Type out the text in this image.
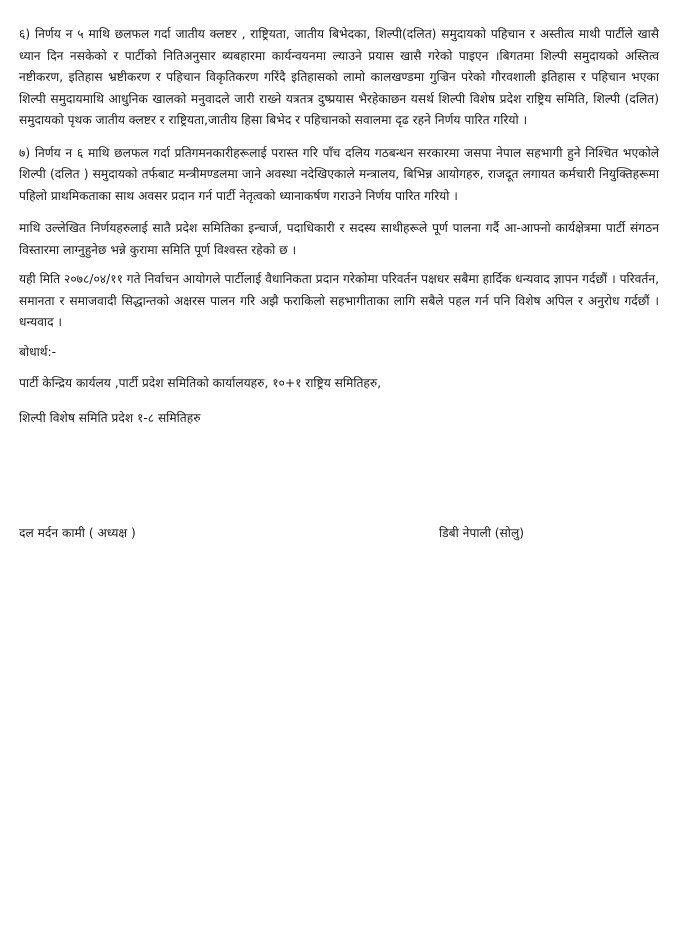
६) निर्णय न ५ माथि छलफल गर्दा जातीय क्लष्टर , राष्ट्रियता, जातीय बिभेदका, शिल्पी(दलित) समुदायको पहिचान र अस्तीत्व माथी पार्टीले खासै ध्यान दिन नसकेको र पार्टीको नितिअनुसार ब्यबहारमा कार्यन्वयनमा ल्याउने प्रयास खासै गरेको पाइएन ।बिगतमा शिल्पी समुदायको अस्तित्व नष्टीकरण, इतिहास भ्रष्टीकरण र पहिचान विकृतिकरण गरिंदै इतिहासको लामो कालखण्डमा गुज्रिन परेको गौरवशाली इतिहास र पहिचान भएका शिल्पी समुदायमाथि आधुनिक खालको मनुवादले जारी राख्ने यत्रतत्र दुष्प्रयास भैरहेकाछन यसर्थ शिल्पी विशेष प्रदेश राष्ट्रिय समिति, शिल्पी (दलित) समुदायको पृथक जातीय क्लष्टर र राष्ट्रियता,जातीय हिसा बिभेद र पहिचानको सवालमा दृढ रहने निर्णय पारित गरियो ।

७) निर्णय न ६ माथि छलफल गर्दा प्रतिगमनकारीहरूलाई परास्त गरि पाँच दलिय गठबन्धन सरकारमा जसपा नेपाल सहभागी हुने निश्चित भएकोले शिल्पी (दलित ) समुदायको तर्फबाट मन्त्रीमण्डलमा जाने अवस्था नदेखिएकाले मन्त्रालय, बिभिन्न आयोगहरु, राजदूत लगायत कर्मचारी नियुक्तिहरूमा पहिलो प्राथमिकताका साथ अवसर प्रदान गर्न पार्टी नेतृत्वको ध्यानाकर्षण गराउने निर्णय पारित गरियो ।

माथि उल्लेखित निर्णयहरुलाई सातै प्रदेश समितिका इन्चार्ज, पदाधिकारी र सदस्य साथीहरूले पूर्ण पालना गर्दै आ-आफ्नो कार्यक्षेत्रमा पार्टी संगठन विस्तारमा लाग्नुहुनेछ भन्ने कुरामा समिति पूर्ण विश्वस्त रहेको छ ।

यही मिति २०७८/०४/११ गते निर्वाचन आयोगले पार्टीलाई वैधानिकता प्रदान गरेकोमा परिवर्तन पक्षधर सबैमा हार्दिक धन्यवाद ज्ञापन गर्दछौं । परिवर्तन, समानता र समाजवादी सिद्धान्तको अक्षरस पालन गरि अझै फराकिलो सहभागीताका लागि सबैले पहल गर्न पनि विशेष अपिल र अनुरोध गर्दछौं । धन्यवाद ।

बोधार्थ:-

पार्टी केन्द्रिय कार्यलय ,पार्टी प्रदेश समितिको कार्यालयहरु, १०+१ राष्ट्रिय समितिहरु,

शिल्पी विशेष समिति प्रदेश १-८ समितिहरु

दल मर्दन कामी ( अध्यक्ष )	डिबी नेपाली (सोलु)
